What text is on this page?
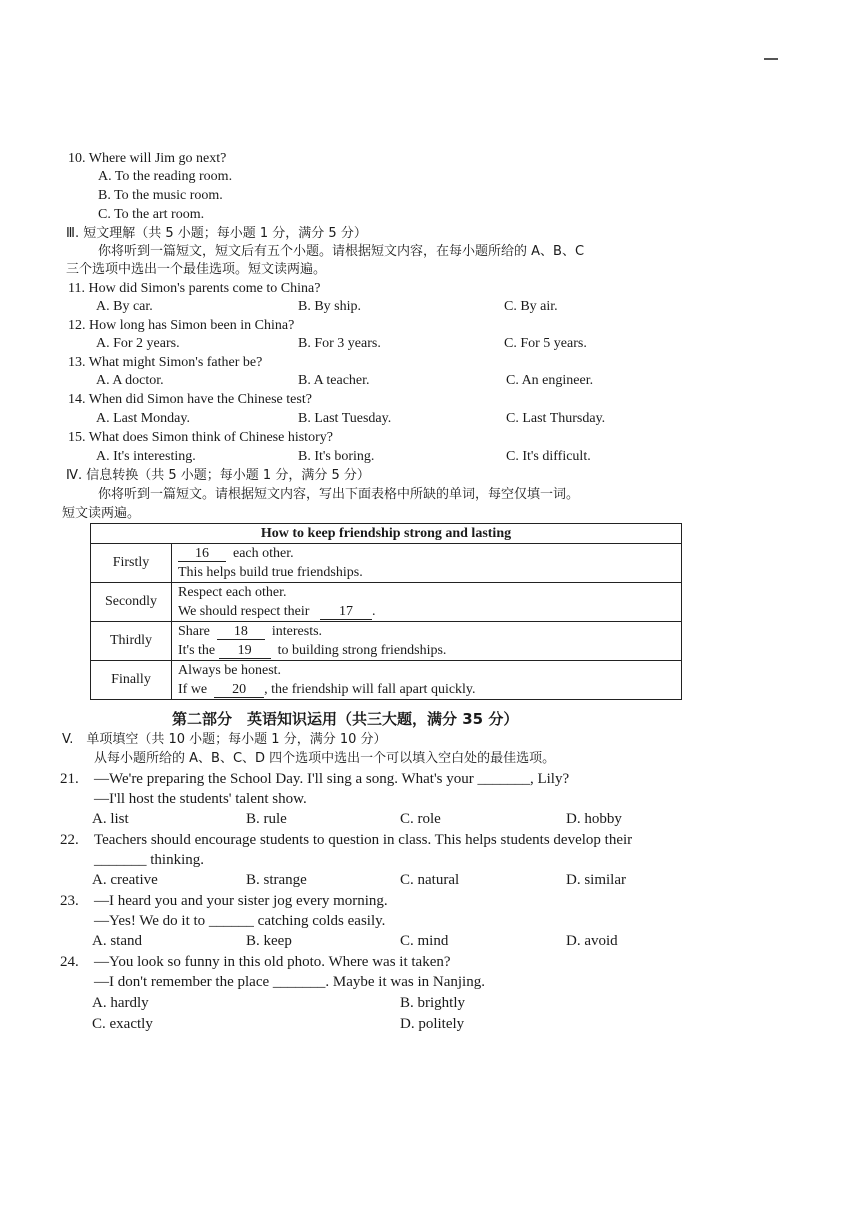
10. Where will Jim go next?
A. To the reading room.
B. To the music room.
C. To the art room.
Ⅲ. 短文理解（共 5 小题；每小题 1 分，满分 5 分）
你将听到一篇短文，短文后有五个小题。请根据短文内容，在每小题所给的 A、B、C
三个选项中选出一个最佳选项。短文读两遍。
11. How did Simon's parents come to China?
A. By car.	B. By ship.	C. By air.
12. How long has Simon been in China?
A. For 2 years.	B. For 3 years.	C. For 5 years.
13. What might Simon's father be?
A. A doctor.	B. A teacher.	C. An engineer.
14. When did Simon have the Chinese test?
A. Last Monday.	B. Last Tuesday.	C. Last Thursday.
15. What does Simon think of Chinese history?
A. It's interesting.	B. It's boring.	C. It's difficult.
Ⅳ. 信息转换（共 5 小题；每小题 1 分，满分 5 分）
你将听到一篇短文。请根据短文内容，写出下面表格中所缺的单词，每空仅填一词。
短文读两遍。
How to keep friendship strong and lasting	
Firstly	16 each other.
This helps build true friendships.

Secondly	Respect each other.
We should respect their 17 .

Thirdly	Share 18 interests.
It's the 19 to building strong friendships.

Finally	Always be honest.
If we 20 , the friendship will fall apart quickly.
第二部分　英语知识运用（共三大题，满分 35 分）
V.　单项填空（共 10 小题；每小题 1 分，满分 10 分）
从每小题所给的 A、B、C、D 四个选项中选出一个可以填入空白处的最佳选项。
21. —We're preparing the School Day. I'll sing a song. What's your _______, Lily?
—I'll host the students' talent show.
A. list	B. rule	C. role	D. hobby
22. Teachers should encourage students to question in class. This helps students develop their
_______ thinking.
A. creative	B. strange	C. natural	D. similar
23. —I heard you and your sister jog every morning.
—Yes! We do it to ______ catching colds easily.
A. stand	B. keep	C. mind	D. avoid
24. —You look so funny in this old photo. Where was it taken?
—I don't remember the place _______. Maybe it was in Nanjing.
A. hardly	B. brightly
C. exactly	D. politely
